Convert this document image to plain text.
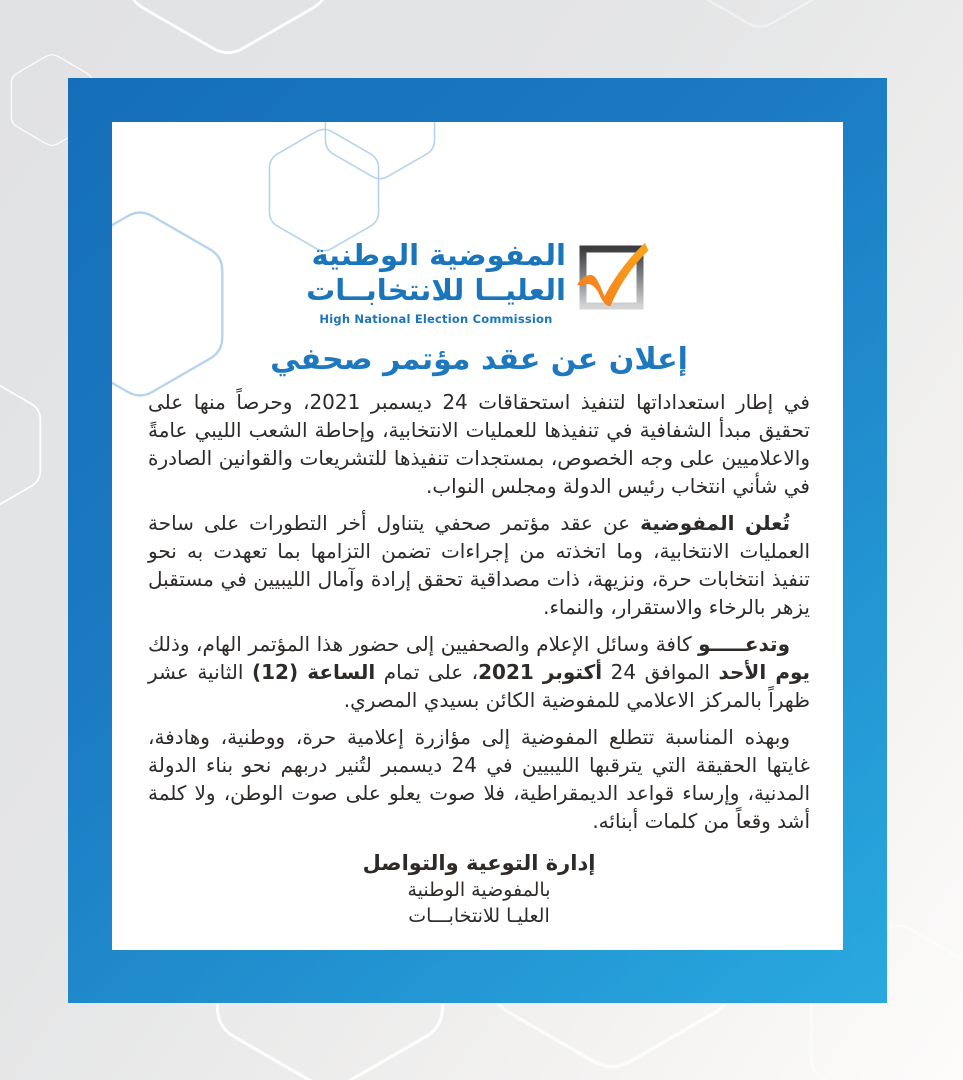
المفوضية الوطنية
العليــا للانتخابــات
High National Election Commission
إعلان عن عقد مؤتمر صحفي

في إطار استعداداتها لتنفيذ استحقاقات 24 ديسمبر 2021، وحرصاً منها على تحقيق مبدأ الشفافية في تنفيذها للعمليات الانتخابية، وإحاطة الشعب الليبي عامةً والاعلاميين على وجه الخصوص، بمستجدات تنفيذها للتشريعات والقوانين الصادرة في شأني انتخاب رئيس الدولة ومجلس النواب.

تُعلن المفوضية عن عقد مؤتمر صحفي يتناول أخر التطورات على ساحة العمليات الانتخابية، وما اتخذته من إجراءات تضمن التزامها بما تعهدت به نحو تنفيذ انتخابات حرة، ونزيهة، ذات مصداقية تحقق إرادة وآمال الليبيين في مستقبل يزهر بالرخاء والاستقرار، والنماء.

وتدعـــــو كافة وسائل الإعلام والصحفيين إلى حضور هذا المؤتمر الهام، وذلك يوم الأحد الموافق 24 أكتوبر 2021، على تمام الساعة (12) الثانية عشر ظهراً بالمركز الاعلامي للمفوضية الكائن بسيدي المصري.

وبهذه المناسبة تتطلع المفوضية إلى مؤازرة إعلامية حرة، ووطنية، وهادفة، غايتها الحقيقة التي يترقبها الليبيين في 24 ديسمبر لتُنير دربهم نحو بناء الدولة المدنية، وإرساء قواعد الديمقراطية، فلا صوت يعلو على صوت الوطن، ولا كلمة أشد وقعاً من كلمات أبنائه.

إدارة التوعية والتواصل
بالمفوضية الوطنية
العليـا للانتخابـــات
